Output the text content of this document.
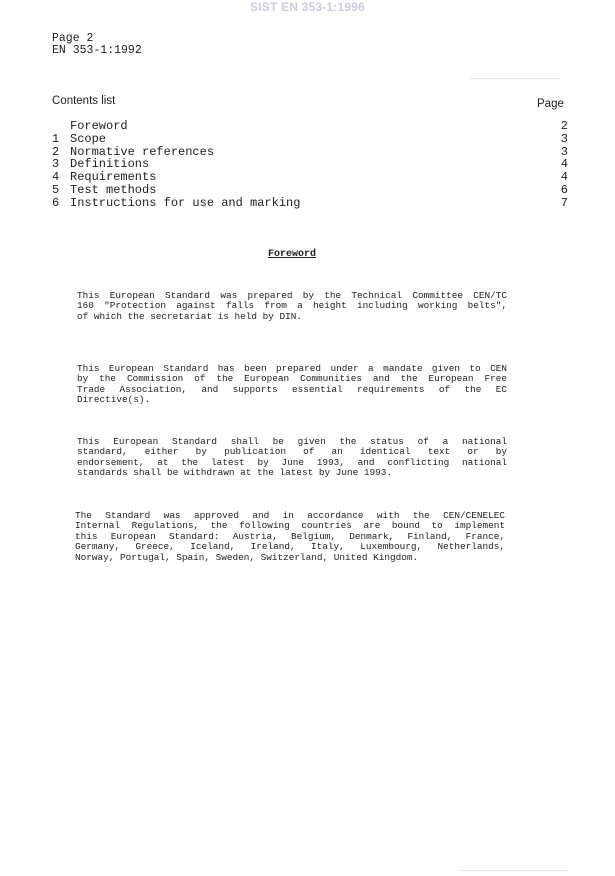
SIST EN 353-1:1996
Page 2
EN 353-1:1992
Contents list	Page
Foreword	2
1 Scope	3
2 Normative references	3
3 Definitions	4
4 Requirements	4
5 Test methods	6
6 Instructions for use and marking	7
Foreword
This European Standard was prepared by the Technical Committee CEN/TC
160 "Protection against falls from a height including working belts",
of which the secretariat is held by DIN.
This European Standard has been prepared under a mandate given to CEN
by the Commission of the European Communities and the European Free
Trade Association, and supports essential requirements of the EC
Directive(s).
This European Standard shall be given the status of a national
standard, either by publication of an identical text or by
endorsement, at the latest by June 1993, and conflicting national
standards shall be withdrawn at the latest by June 1993.
The Standard was approved and in accordance with the CEN/CENELEC
Internal Regulations, the following countries are bound to implement
this European Standard: Austria, Belgium, Denmark, Finland, France,
Germany, Greece, Iceland, Ireland, Italy, Luxembourg, Netherlands,
Norway, Portugal, Spain, Sweden, Switzerland, United Kingdom.
